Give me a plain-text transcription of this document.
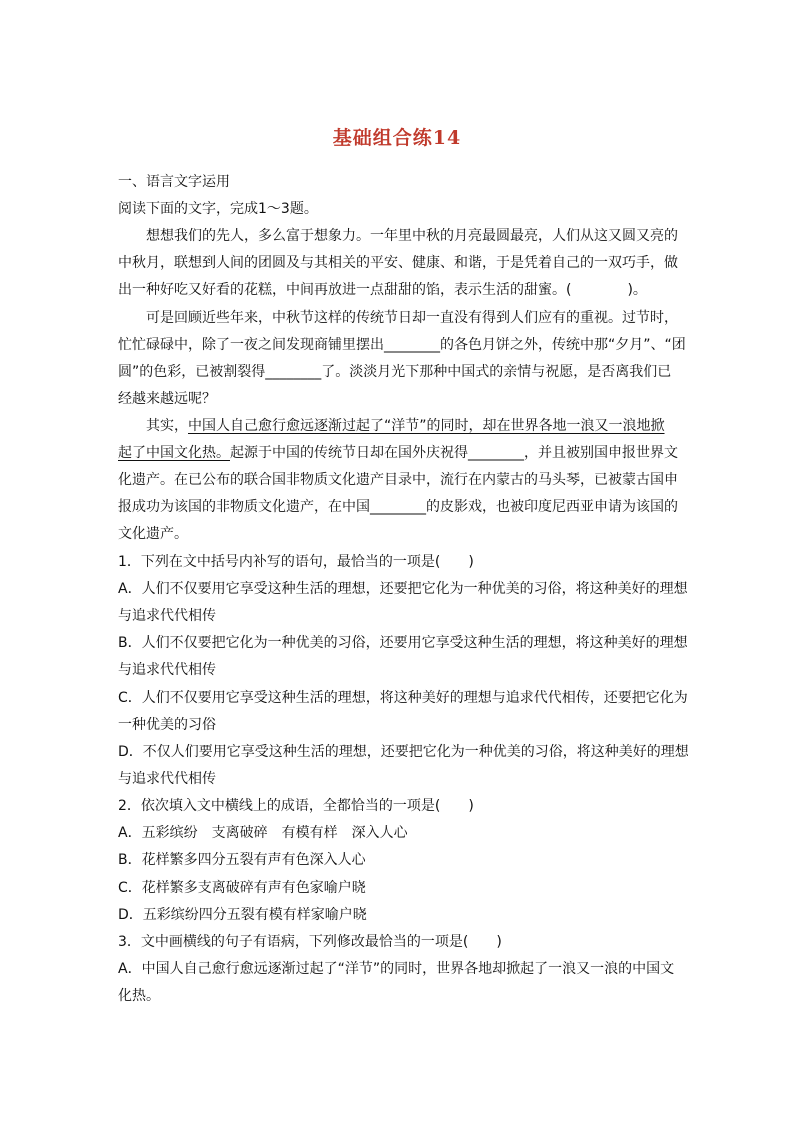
基础组合练14
一、语言文字运用
阅读下面的文字，完成1～3题。
想想我们的先人，多么富于想象力。一年里中秋的月亮最圆最亮，人们从这又圆又亮的
中秋月，联想到人间的团圆及与其相关的平安、健康、和谐，于是凭着自己的一双巧手，做
出一种好吃又好看的花糕，中间再放进一点甜甜的馅，表示生活的甜蜜。(　　　　)。
可是回顾近些年来，中秋节这样的传统节日却一直没有得到人们应有的重视。过节时，
忙忙碌碌中，除了一夜之间发现商铺里摆出________的各色月饼之外，传统中那“夕月”、“团
圆”的色彩，已被割裂得________了。淡淡月光下那种中国式的亲情与祝愿，是否离我们已
经越来越远呢？
其实，中国人自己愈行愈远逐渐过起了“洋节”的同时，却在世界各地一浪又一浪地掀
起了中国文化热。起源于中国的传统节日却在国外庆祝得________，并且被别国申报世界文
化遗产。在已公布的联合国非物质文化遗产目录中，流行在内蒙古的马头琴，已被蒙古国申
报成功为该国的非物质文化遗产，在中国________的皮影戏，也被印度尼西亚申请为该国的
文化遗产。
1．下列在文中括号内补写的语句，最恰当的一项是(　　)
A．人们不仅要用它享受这种生活的理想，还要把它化为一种优美的习俗，将这种美好的理想
与追求代代相传
B．人们不仅要把它化为一种优美的习俗，还要用它享受这种生活的理想，将这种美好的理想
与追求代代相传
C．人们不仅要用它享受这种生活的理想，将这种美好的理想与追求代代相传，还要把它化为
一种优美的习俗
D．不仅人们要用它享受这种生活的理想，还要把它化为一种优美的习俗，将这种美好的理想
与追求代代相传
2．依次填入文中横线上的成语，全都恰当的一项是(　　)
A．五彩缤纷　支离破碎　有模有样　深入人心
B．花样繁多四分五裂有声有色深入人心
C．花样繁多支离破碎有声有色家喻户晓
D．五彩缤纷四分五裂有模有样家喻户晓
3．文中画横线的句子有语病，下列修改最恰当的一项是(　　)
A．中国人自己愈行愈远逐渐过起了“洋节”的同时，世界各地却掀起了一浪又一浪的中国文
化热。
